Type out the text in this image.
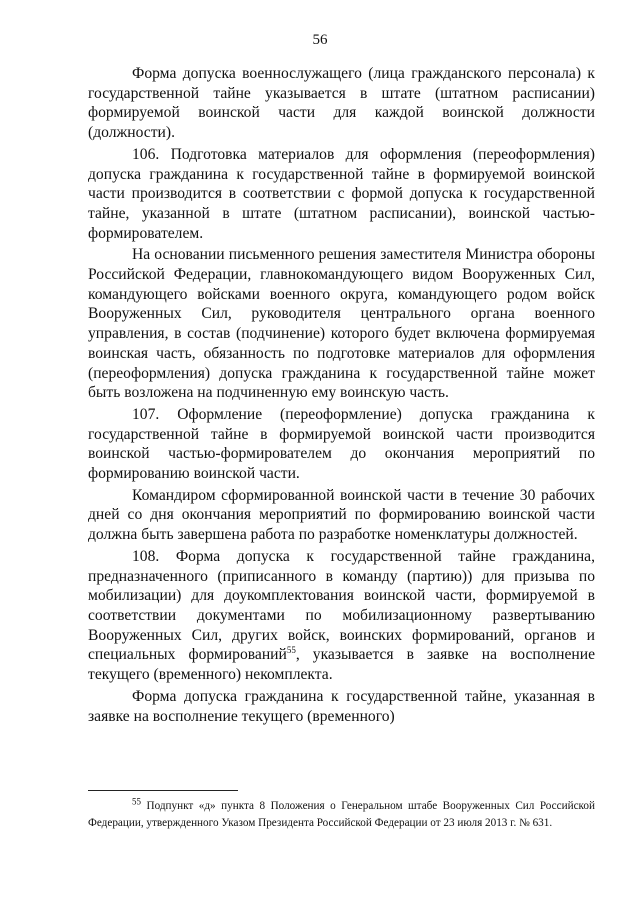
56

Форма допуска военнослужащего (лица гражданского персонала) к государственной тайне указывается в штате (штатном расписании) формируемой воинской части для каждой воинской должности (должности).

106. Подготовка материалов для оформления (переоформления) допуска гражданина к государственной тайне в формируемой воинской части производится в соответствии с формой допуска к государственной тайне, указанной в штате (штатном расписании), воинской частью-формирователем.

На основании письменного решения заместителя Министра обороны Российской Федерации, главнокомандующего видом Вооруженных Сил, командующего войсками военного округа, командующего родом войск Вооруженных Сил, руководителя центрального органа военного управления, в состав (подчинение) которого будет включена формируемая воинская часть, обязанность по подготовке материалов для оформления (переоформления) допуска гражданина к государственной тайне может быть возложена на подчиненную ему воинскую часть.

107. Оформление (переоформление) допуска гражданина к государственной тайне в формируемой воинской части производится воинской частью-формирователем до окончания мероприятий по формированию воинской части.

Командиром сформированной воинской части в течение 30 рабочих дней со дня окончания мероприятий по формированию воинской части должна быть завершена работа по разработке номенклатуры должностей.

108. Форма допуска к государственной тайне гражданина, предназначенного (приписанного в команду (партию)) для призыва по мобилизации) для доукомплектования воинской части, формируемой в соответствии документами по мобилизационному развертыванию Вооруженных Сил, других войск, воинских формирований, органов и специальных формирований$^{55}$, указывается в заявке на восполнение текущего (временного) некомплекта.

Форма допуска гражданина к государственной тайне, указанная в заявке на восполнение текущего (временного)

$^{55}$ Подпункт «д» пункта 8 Положения о Генеральном штабе Вооруженных Сил Российской Федерации, утвержденного Указом Президента Российской Федерации от 23 июля 2013 г. № 631.
